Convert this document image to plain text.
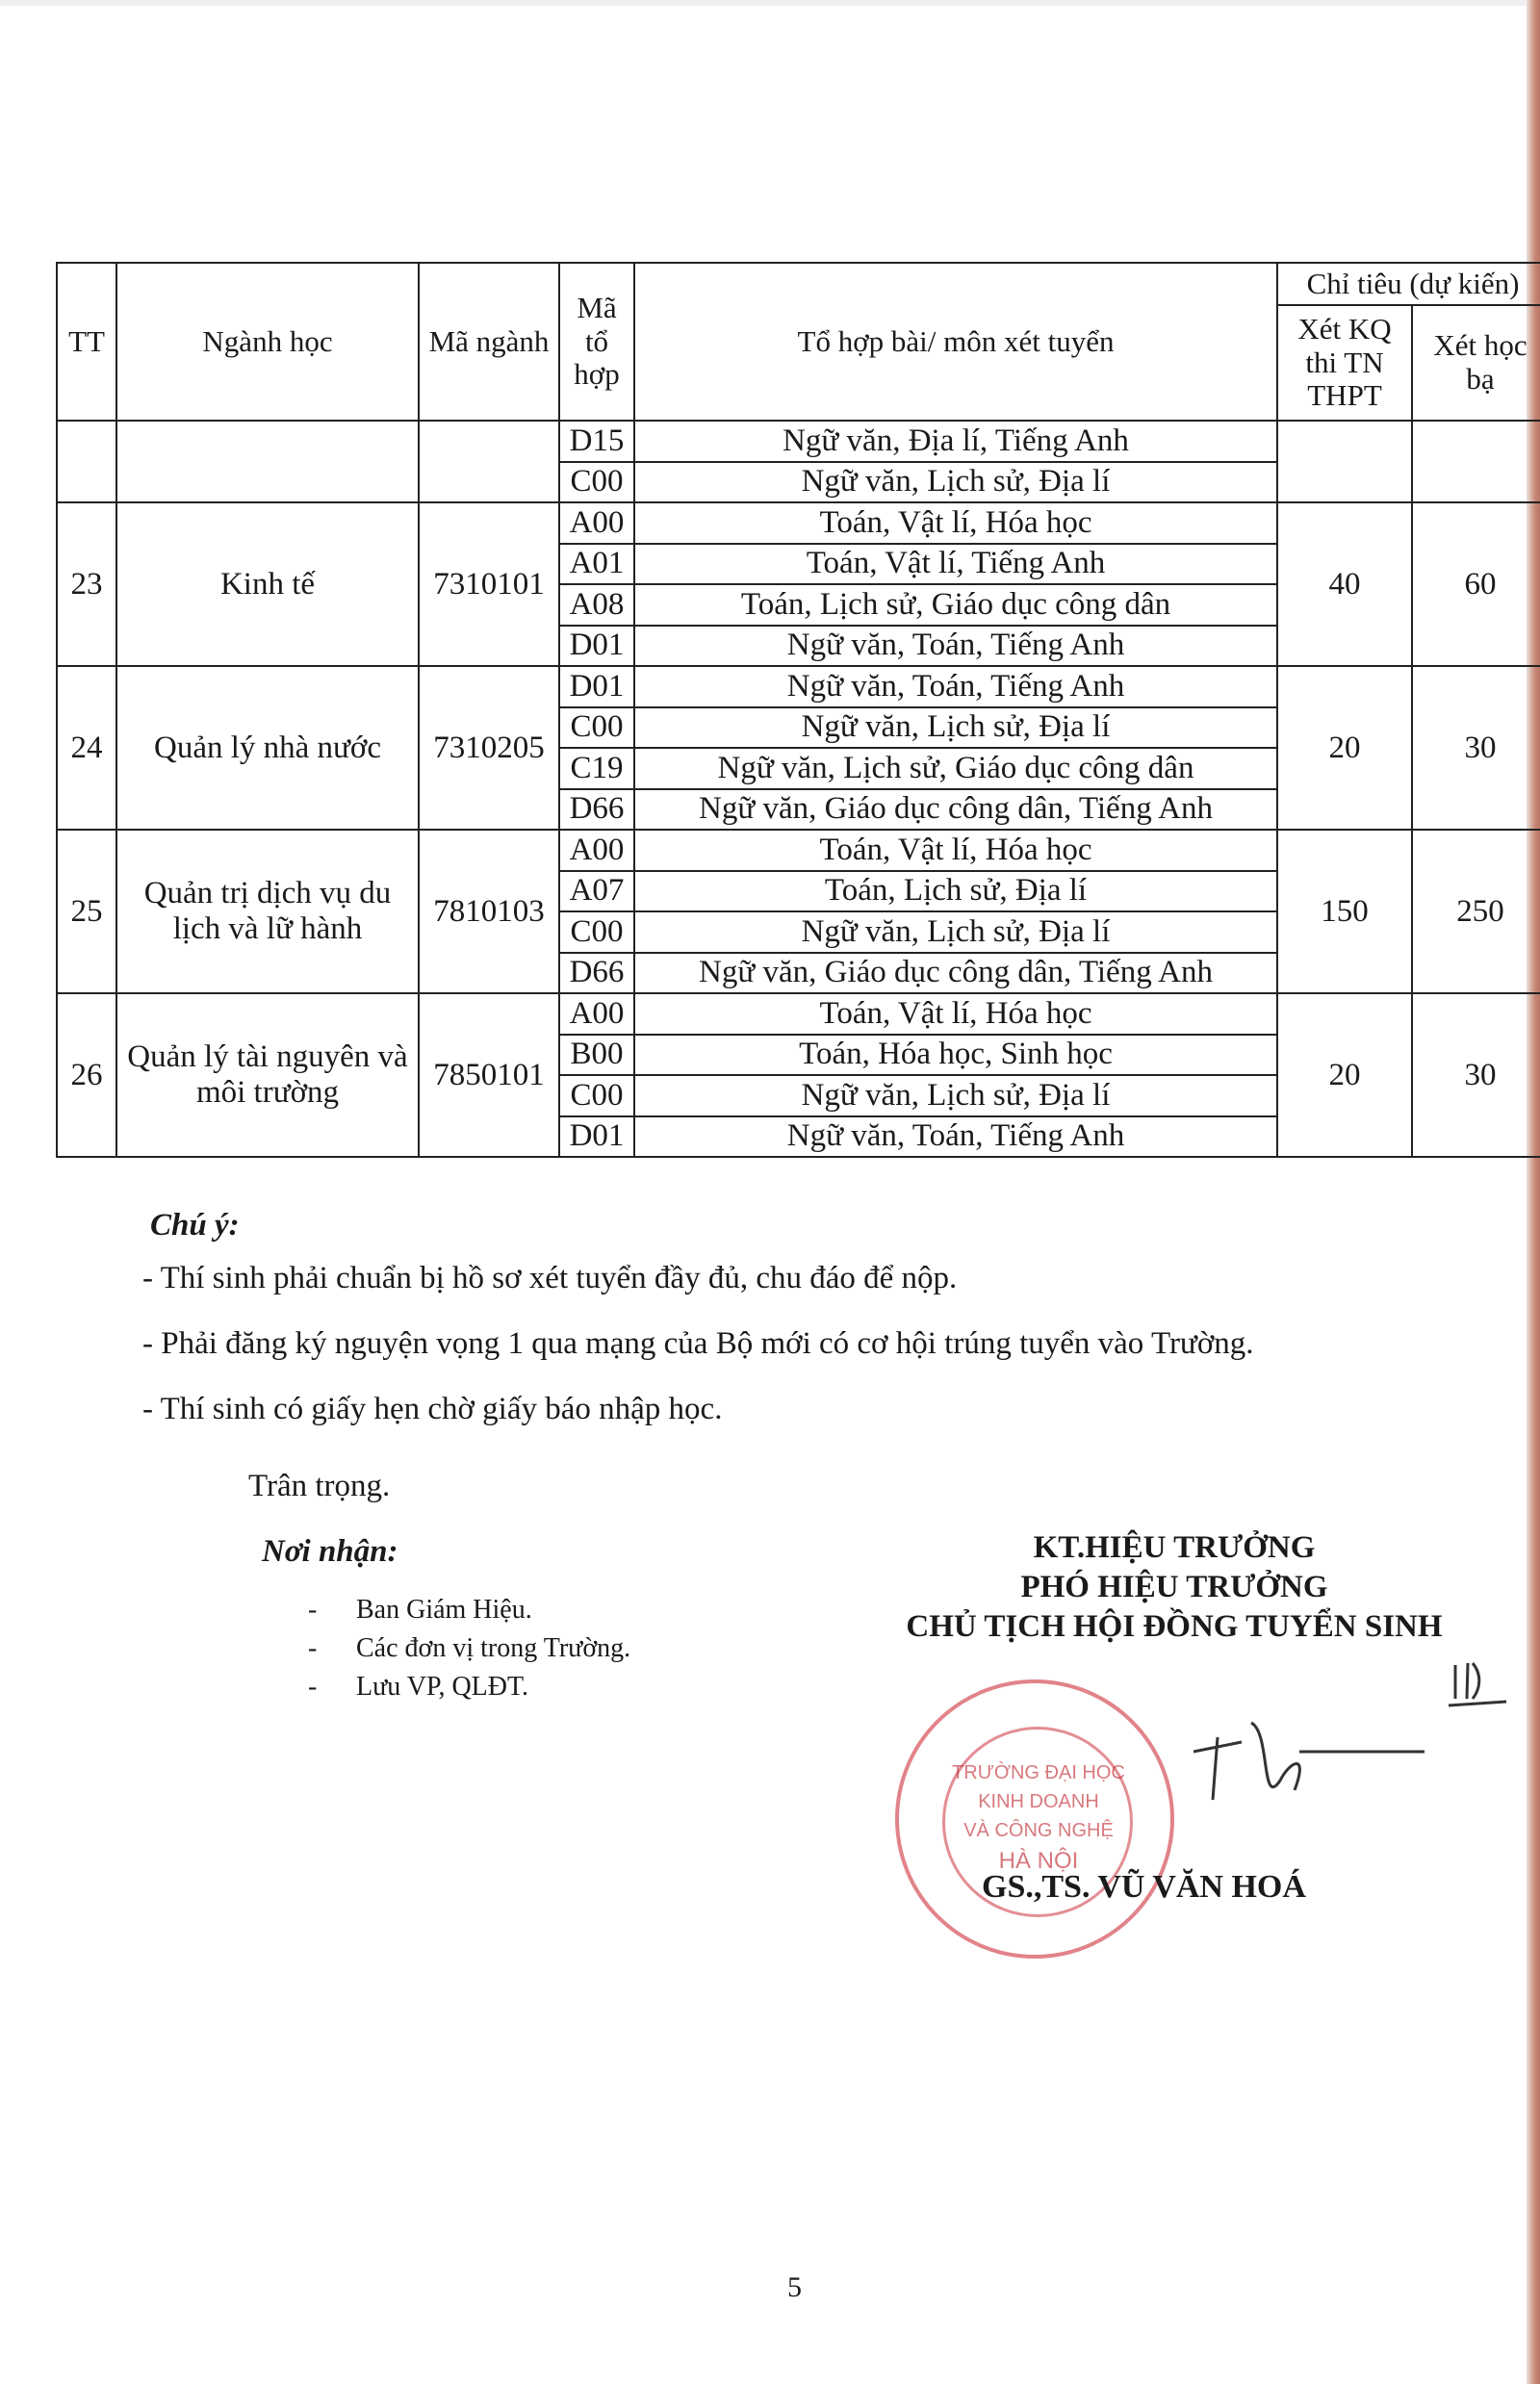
TT	Ngành học	Mã ngành	Mã tổ hợp	Tổ hợp bài/ môn xét tuyển	Chỉ tiêu (dự kiến)	
					Xét KQ thi TN THPT	Xét học bạ
			D15	Ngữ văn, Địa lí, Tiếng Anh		
			C00	Ngữ văn, Lịch sử, Địa lí		
23	Kinh tế	7310101	A00	Toán, Vật lí, Hóa học	40	60
			A01	Toán, Vật lí, Tiếng Anh		
			A08	Toán, Lịch sử, Giáo dục công dân		
			D01	Ngữ văn, Toán, Tiếng Anh		
24	Quản lý nhà nước	7310205	D01	Ngữ văn, Toán, Tiếng Anh	20	30
			C00	Ngữ văn, Lịch sử, Địa lí		
			C19	Ngữ văn, Lịch sử, Giáo dục công dân		
			D66	Ngữ văn, Giáo dục công dân, Tiếng Anh		
25	Quản trị dịch vụ du lịch và lữ hành	7810103	A00	Toán, Vật lí, Hóa học	150	250
			A07	Toán, Lịch sử, Địa lí		
			C00	Ngữ văn, Lịch sử, Địa lí		
			D66	Ngữ văn, Giáo dục công dân, Tiếng Anh		
26	Quản lý tài nguyên và môi trường	7850101	A00	Toán, Vật lí, Hóa học	20	30
			B00	Toán, Hóa học, Sinh học		
			C00	Ngữ văn, Lịch sử, Địa lí		
			D01	Ngữ văn, Toán, Tiếng Anh		
Chú ý:
- Thí sinh phải chuẩn bị hồ sơ xét tuyển đầy đủ, chu đáo để nộp.
- Phải đăng ký nguyện vọng 1 qua mạng của Bộ mới có cơ hội trúng tuyển vào Trường.
- Thí sinh có giấy hẹn chờ giấy báo nhập học.
Trân trọng.
Nơi nhận:
- Ban Giám Hiệu.
- Các đơn vị trong Trường.
- Lưu VP, QLĐT.
KT.HIỆU TRƯỞNG
PHÓ HIỆU TRƯỞNG
CHỦ TỊCH HỘI ĐỒNG TUYỂN SINH
TRƯỜNG ĐẠI HỌC
KINH DOANH
VÀ CÔNG NGHỆ
HÀ NỘI
GS.,TS. VŨ VĂN HOÁ
5
